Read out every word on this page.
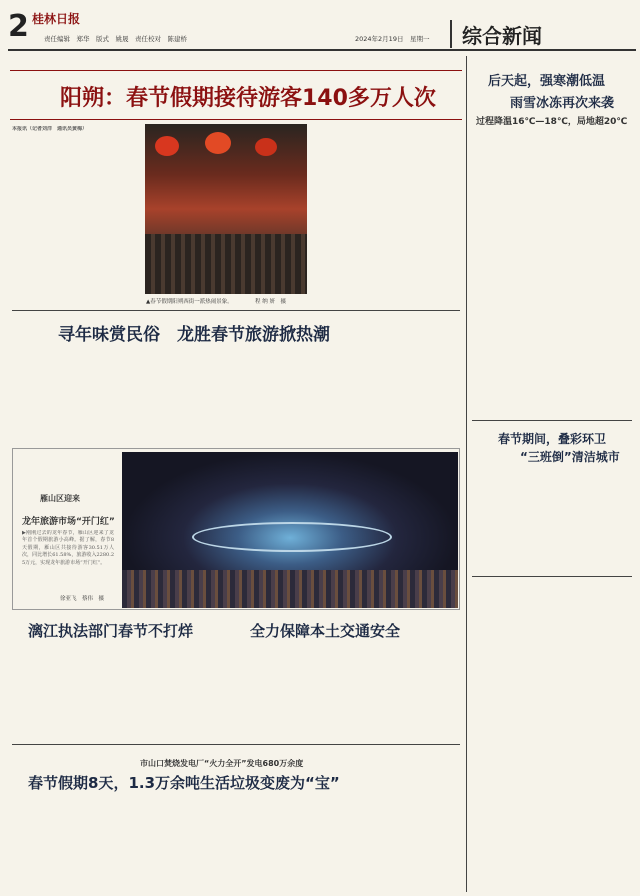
2 桂林日报
责任编辑　郑华　版式　姚晟　责任校对　陈建桥	2024年2月19日　星期一	综合新闻
阳朔：春节假期接待游客140多万人次
本报讯（记者刘洋　通讯员黄梅）
▲春节假期阳朔西街一派热闹景象。	程 纳 妍　摄
寻年味赏民俗　龙胜春节旅游掀热潮
雁山区迎来
龙年旅游市场“开门红”
▶刚刚过去的龙年春节，雁山区迎来了龙年首个假期旅游小高峰。据了解，春节8天假期，雁山区共接待游客30.51万人次，同比增长61.58%，旅游收入2280.25万元，实现龙年旅游市场“开门红”。
徐亚飞　蔡伟　摄
漓江执法部门春节不打烊	全力保障本土交通安全
市山口焚烧发电厂“火力全开”发电680万余度
春节假期8天，1.3万余吨生活垃圾变废为“宝”
后天起，强寒潮低温
雨雪冰冻再次来袭
过程降温16℃—18℃，局地超20℃
春节期间，叠彩环卫
“三班倒”清洁城市
